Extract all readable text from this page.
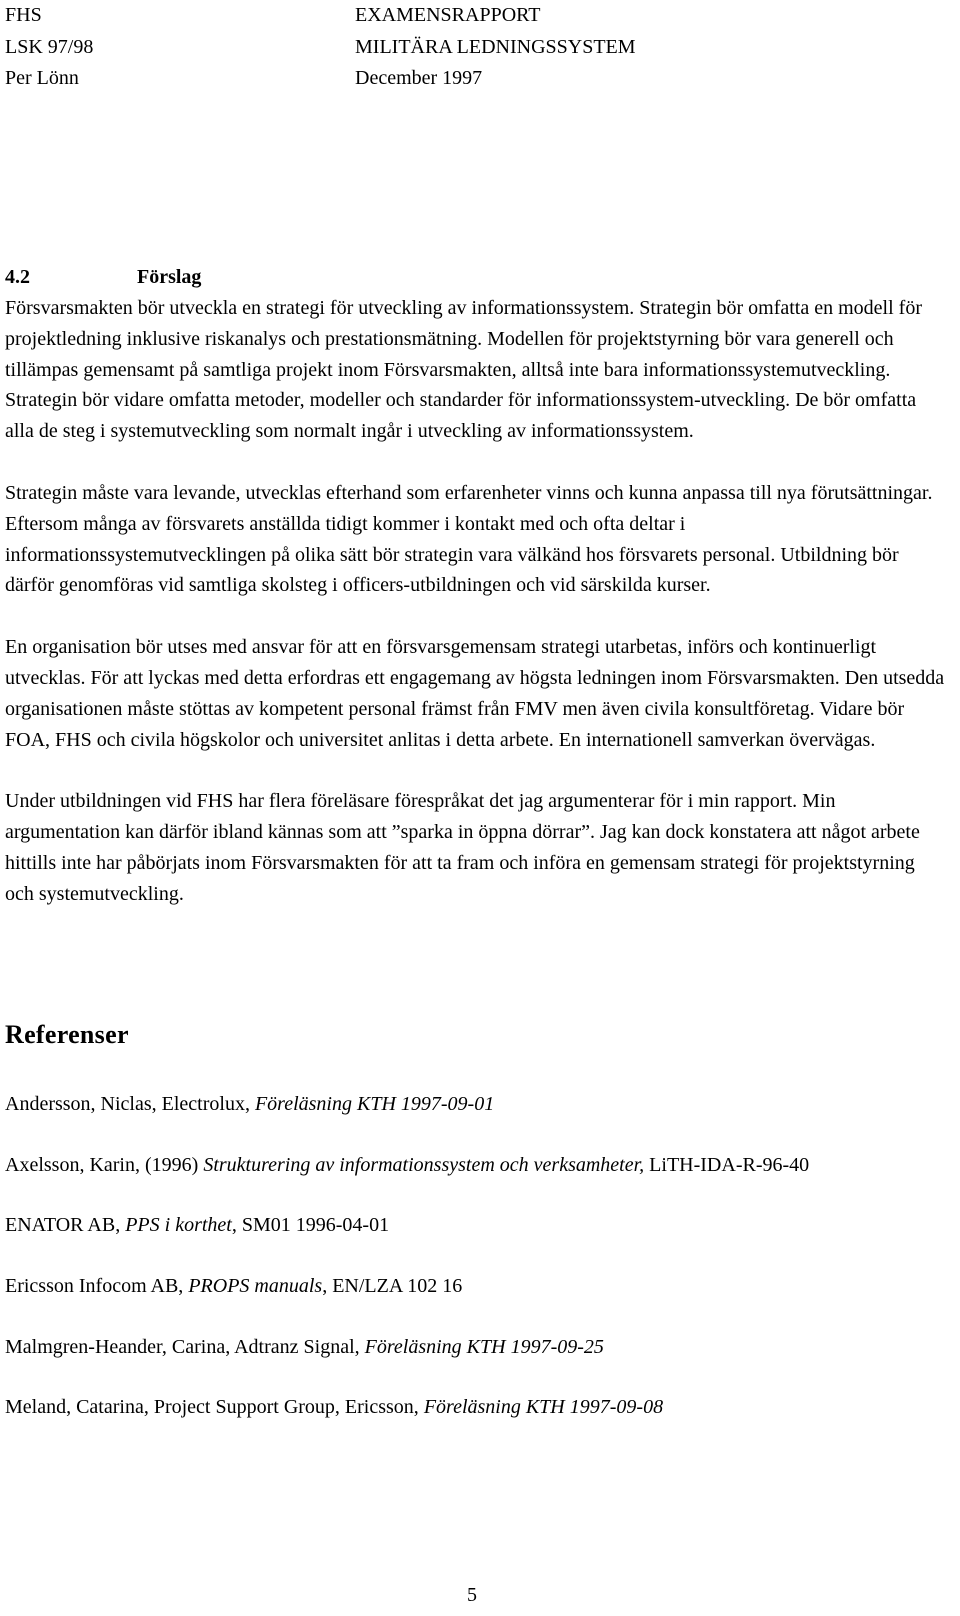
FHS	EXAMENSRAPPORT
LSK 97/98	MILITÄRA LEDNINGSSYSTEM
Per Lönn	December 1997
4.2	Förslag

Försvarsmakten bör utveckla en strategi för utveckling av informationssystem. Strategin bör omfatta en modell för projektledning inklusive riskanalys och prestationsmätning. Modellen för projektstyrning bör vara generell och tillämpas gemensamt på samtliga projekt inom Försvarsmakten, alltså inte bara informationssystemutveckling. Strategin bör vidare omfatta metoder, modeller och standarder för informationssystem-utveckling. De bör omfatta alla de steg i systemutveckling som normalt ingår i utveckling av informationssystem.

Strategin måste vara levande, utvecklas efterhand som erfarenheter vinns och kunna anpassa till nya förutsättningar. Eftersom många av försvarets anställda tidigt kommer i kontakt med och ofta deltar i informationssystemutvecklingen på olika sätt bör strategin vara välkänd hos försvarets personal. Utbildning bör därför genomföras vid samtliga skolsteg i officers-utbildningen och vid särskilda kurser.

En organisation bör utses med ansvar för att en försvarsgemensam strategi utarbetas, införs och kontinuerligt utvecklas. För att lyckas med detta erfordras ett engagemang av högsta ledningen inom Försvarsmakten. Den utsedda organisationen måste stöttas av kompetent personal främst från FMV men även civila konsultföretag. Vidare bör FOA, FHS och civila högskolor och universitet anlitas i detta arbete. En internationell samverkan övervägas.

Under utbildningen vid FHS har flera föreläsare förespråkat det jag argumenterar för i min rapport. Min argumentation kan därför ibland kännas som att ”sparka in öppna dörrar”. Jag kan dock konstatera att något arbete hittills inte har påbörjats inom Försvarsmakten för att ta fram och införa en gemensam strategi för projektstyrning och systemutveckling.

Referenser
Andersson, Niclas, Electrolux, Föreläsning KTH 1997-09-01
Axelsson, Karin, (1996) Strukturering av informationssystem och verksamheter, LiTH-IDA-R-96-40
ENATOR AB, PPS i korthet, SM01 1996-04-01
Ericsson Infocom AB, PROPS manuals, EN/LZA 102 16
Malmgren-Heander, Carina, Adtranz Signal, Föreläsning KTH 1997-09-25
Meland, Catarina, Project Support Group, Ericsson, Föreläsning KTH 1997-09-08
5
